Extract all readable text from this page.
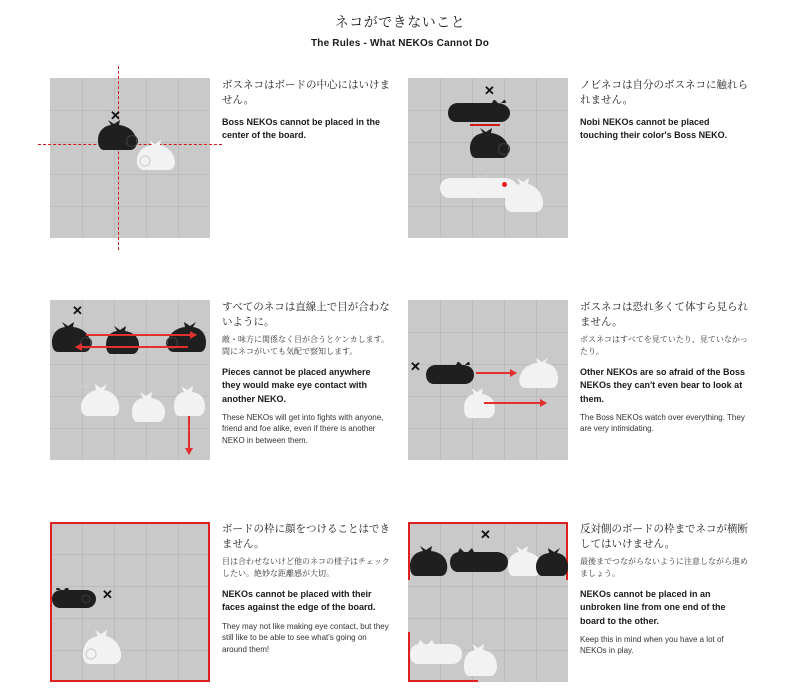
ネコができないこと
The Rules - What NEKOs Cannot Do
✕

ボスネコはボードの中心にはいけません。

Boss NEKOs cannot be placed in the center of the board.

✕	ノビネコは自分のボスネコに触れられません。

Nobi NEKOs cannot be placed touching their color's Boss NEKO.

✕	すべてのネコは直線上で目が合わないように。

敵・味方に関係なく目が合うとケンカします。間にネコがいても気配で察知します。

Pieces cannot be placed anywhere they would make eye contact with another NEKO.

These NEKOs will get into fights with anyone, friend and foe alike, even if there is another NEKO in between them.

✕

ボスネコは恐れ多くて体すら見られません。

ボスネコはすべてを見ていたり、見ていなかったり。

Other NEKOs are so afraid of the Boss NEKOs they can't even bear to look at them.

The Boss NEKOs watch over everything. They are very intimidating.

✕

ボードの枠に顔をつけることはできません。

目は合わせないけど他のネコの様子はチェックしたい。絶妙な距離感が大切。

NEKOs cannot be placed with their faces against the edge of the board.

They may not like making eye contact, but they still like to be able to see what's going on around them!

✕	反対側のボードの枠までネコが横断してはいけません。

最後までつながらないように注意しながら進めましょう。

NEKOs cannot be placed in an unbroken line from one end of the board to the other.

Keep this in mind when you have a lot of NEKOs in play.
